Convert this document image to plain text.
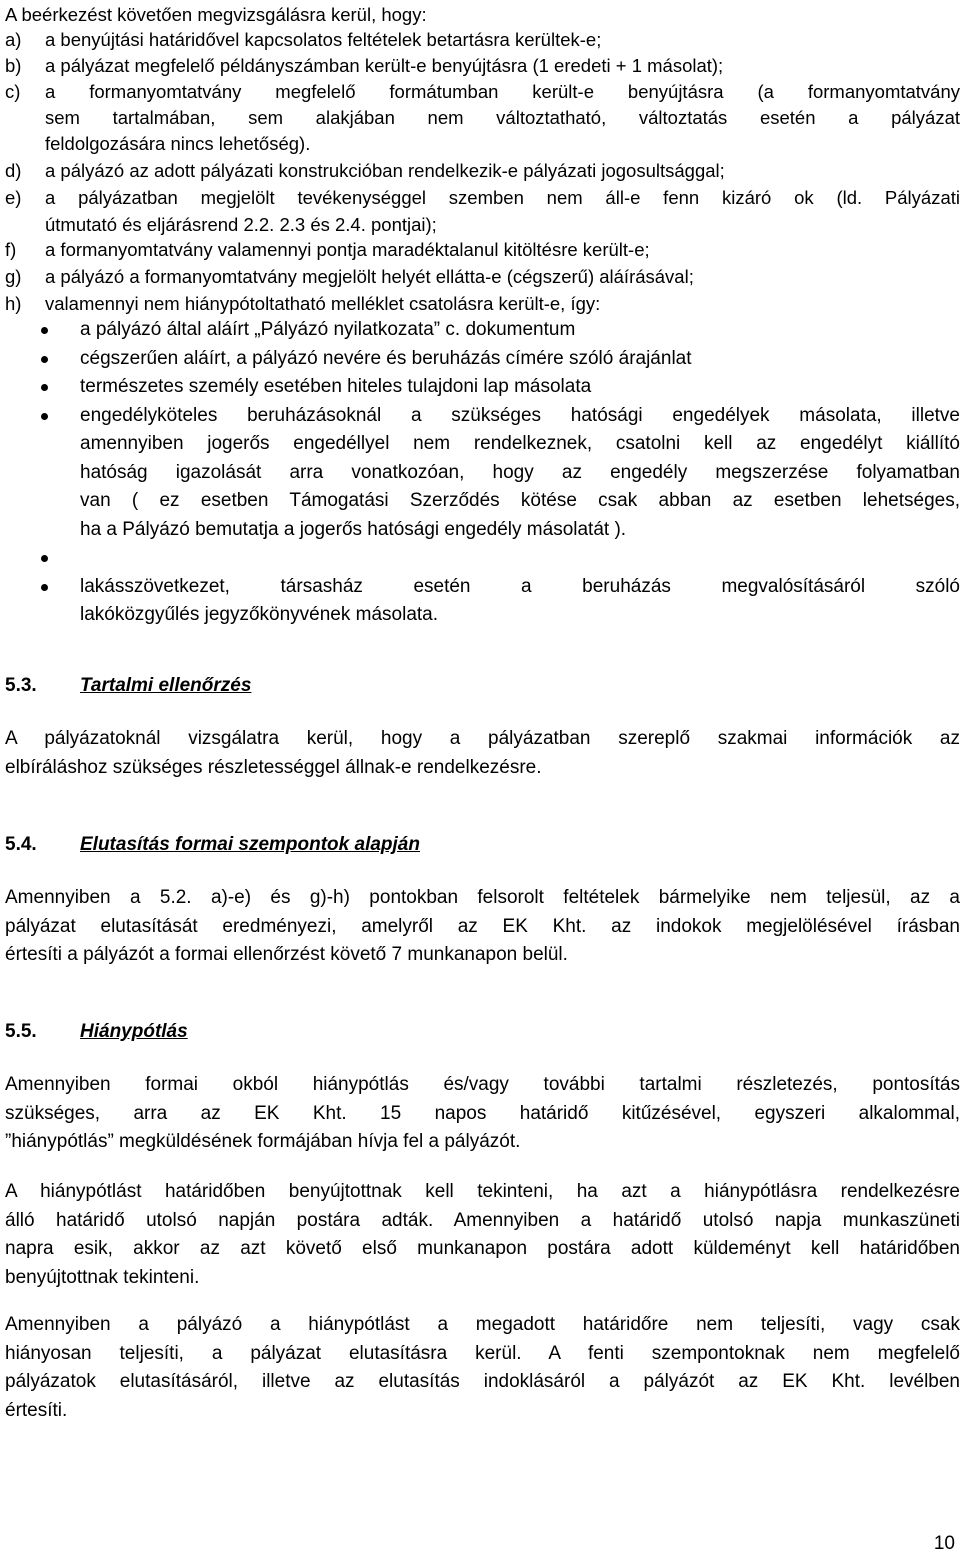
A beérkezést követően megvizsgálásra kerül, hogy:

a)	a benyújtási határidővel kapcsolatos feltételek betartásra kerültek-e;
b)	a pályázat megfelelő példányszámban került-e benyújtásra (1 eredeti + 1 másolat);
c)	a formanyomtatvány megfelelő formátumban került-e benyújtásra (a formanyomtatvány
sem tartalmában, sem alakjában nem változtatható, változtatás esetén a pályázat
feldolgozására nincs lehetőség).
d)	a pályázó az adott pályázati konstrukcióban rendelkezik-e pályázati jogosultsággal;
e)	a pályázatban megjelölt tevékenységgel szemben nem áll-e fenn kizáró ok (ld. Pályázati
útmutató és eljárásrend 2.2. 2.3 és 2.4. pontjai);
f)	a formanyomtatvány valamennyi pontja maradéktalanul kitöltésre került-e;
g)	a pályázó a formanyomtatvány megjelölt helyét ellátta-e (cégszerű) aláírásával;
h)	valamennyi nem hiánypótoltatható melléklet csatolásra került-e, így:
a pályázó által aláírt „Pályázó nyilatkozata” c. dokumentum
cégszerűen aláírt, a pályázó nevére és beruházás címére szóló árajánlat
természetes személy esetében hiteles tulajdoni lap másolata
engedélyköteles beruházásoknál a szükséges hatósági engedélyek másolata, illetve
amennyiben jogerős engedéllyel nem rendelkeznek, csatolni kell az engedélyt kiállító
hatóság igazolását arra vonatkozóan, hogy az engedély megszerzése folyamatban
van ( ez esetben Támogatási Szerződés kötése csak abban az esetben lehetséges,
ha a Pályázó bemutatja a jogerős hatósági engedély másolatát ).
lakásszövetkezet, társasház esetén a beruházás megvalósításáról szóló
lakóközgyűlés jegyzőkönyvének másolata.
5.3. Tartalmi ellenőrzés
A pályázatoknál vizsgálatra kerül, hogy a pályázatban szereplő szakmai információk az
elbíráláshoz szükséges részletességgel állnak-e rendelkezésre.
5.4. Elutasítás formai szempontok alapján
Amennyiben a 5.2. a)-e) és g)-h) pontokban felsorolt feltételek bármelyike nem teljesül, az a
pályázat elutasítását eredményezi, amelyről az EK Kht. az indokok megjelölésével írásban
értesíti a pályázót a formai ellenőrzést követő 7 munkanapon belül.
5.5. Hiánypótlás
Amennyiben formai okból hiánypótlás és/vagy további tartalmi részletezés, pontosítás
szükséges, arra az EK Kht. 15 napos határidő kitűzésével, egyszeri alkalommal,
”hiánypótlás” megküldésének formájában hívja fel a pályázót.
A hiánypótlást határidőben benyújtottnak kell tekinteni, ha azt a hiánypótlásra rendelkezésre
álló határidő utolsó napján postára adták. Amennyiben a határidő utolsó napja munkaszüneti
napra esik, akkor az azt követő első munkanapon postára adott küldeményt kell határidőben
benyújtottnak tekinteni.
Amennyiben a pályázó a hiánypótlást a megadott határidőre nem teljesíti, vagy csak
hiányosan teljesíti, a pályázat elutasításra kerül. A fenti szempontoknak nem megfelelő
pályázatok elutasításáról, illetve az elutasítás indoklásáról a pályázót az EK Kht. levélben
értesíti.
10
